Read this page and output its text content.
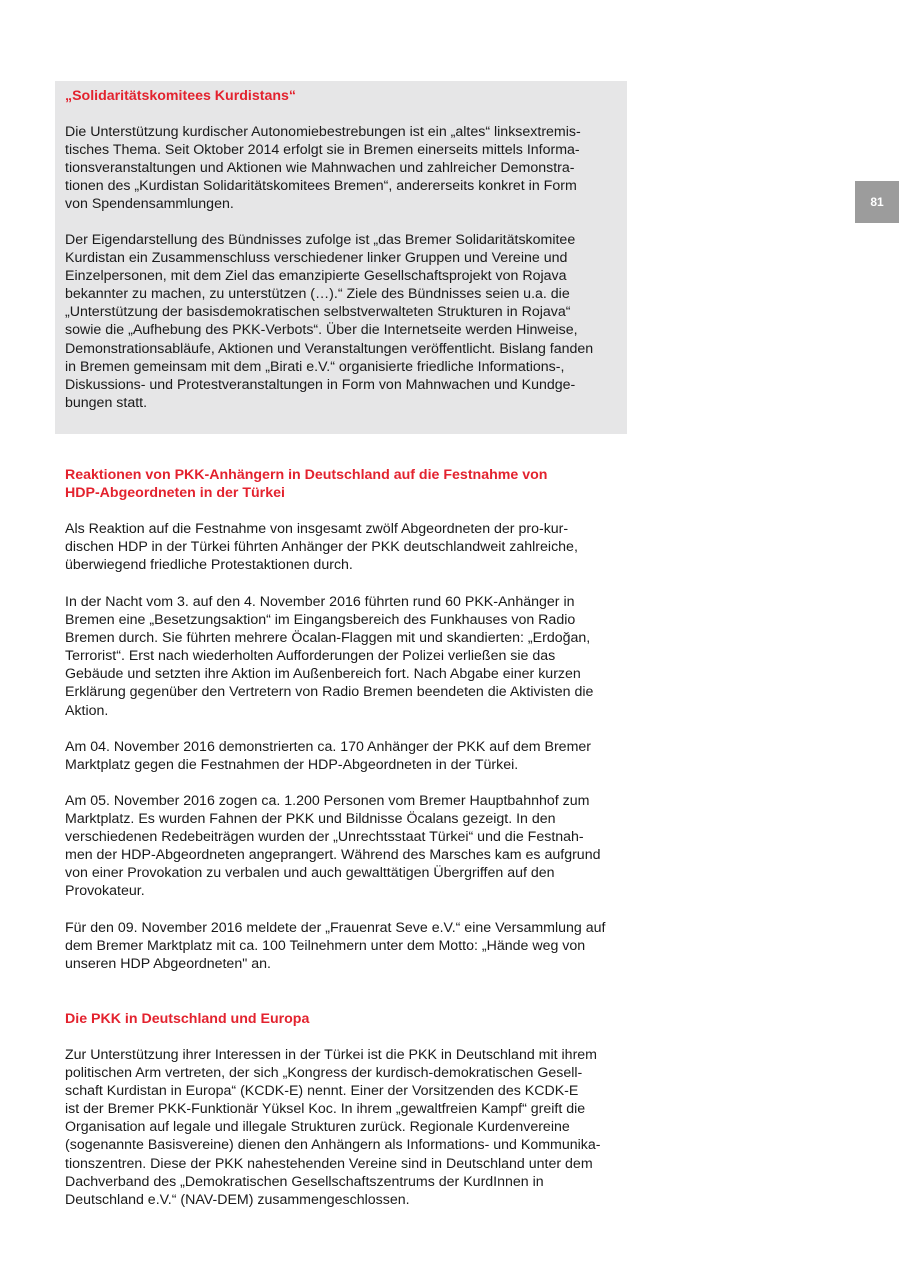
„Solidaritätskomitees Kurdistans“

Die Unterstützung kurdischer Autonomiebestrebungen ist ein „altes“ linksextremis-
tisches Thema. Seit Oktober 2014 erfolgt sie in Bremen einerseits mittels Informa-
tionsveranstaltungen und Aktionen wie Mahnwachen und zahlreicher Demonstra-
tionen des „Kurdistan Solidaritätskomitees Bremen“, andererseits konkret in Form
von Spendensammlungen.

Der Eigendarstellung des Bündnisses zufolge ist „das Bremer Solidaritätskomitee
Kurdistan ein Zusammenschluss verschiedener linker Gruppen und Vereine und
Einzelpersonen, mit dem Ziel das emanzipierte Gesellschaftsprojekt von Rojava
bekannter zu machen, zu unterstützen (…).“ Ziele des Bündnisses seien u.a. die
„Unterstützung der basisdemokratischen selbstverwalteten Strukturen in Rojava“
sowie die „Aufhebung des PKK-Verbots“. Über die Internetseite werden Hinweise,
Demonstrationsabläufe, Aktionen und Veranstaltungen veröffentlicht. Bislang fanden
in Bremen gemeinsam mit dem „Birati e.V.“ organisierte friedliche Informations-,
Diskussions- und Protestveranstaltungen in Form von Mahnwachen und Kundge-
bungen statt.

81

Reaktionen von PKK-Anhängern in Deutschland auf die Festnahme von
HDP-Abgeordneten in der Türkei

Als Reaktion auf die Festnahme von insgesamt zwölf Abgeordneten der pro-kur-
dischen HDP in der Türkei führten Anhänger der PKK deutschlandweit zahlreiche,
überwiegend friedliche Protestaktionen durch.

In der Nacht vom 3. auf den 4. November 2016 führten rund 60 PKK-Anhänger in
Bremen eine „Besetzungsaktion“ im Eingangsbereich des Funkhauses von Radio
Bremen durch. Sie führten mehrere Öcalan-Flaggen mit und skandierten: „Erdoğan,
Terrorist“. Erst nach wiederholten Aufforderungen der Polizei verließen sie das
Gebäude und setzten ihre Aktion im Außenbereich fort. Nach Abgabe einer kurzen
Erklärung gegenüber den Vertretern von Radio Bremen beendeten die Aktivisten die
Aktion.

Am 04. November 2016 demonstrierten ca. 170 Anhänger der PKK auf dem Bremer
Marktplatz gegen die Festnahmen der HDP-Abgeordneten in der Türkei.

Am 05. November 2016 zogen ca. 1.200 Personen vom Bremer Hauptbahnhof zum
Marktplatz. Es wurden Fahnen der PKK und Bildnisse Öcalans gezeigt. In den
verschiedenen Redebeiträgen wurden der „Unrechtsstaat Türkei“ und die Festnah-
men der HDP-Abgeordneten angeprangert. Während des Marsches kam es aufgrund
von einer Provokation zu verbalen und auch gewalttätigen Übergriffen auf den
Provokateur.

Für den 09. November 2016 meldete der „Frauenrat Seve e.V.“ eine Versammlung auf
dem Bremer Marktplatz mit ca. 100 Teilnehmern unter dem Motto: „Hände weg von
unseren HDP Abgeordneten" an.

Die PKK in Deutschland und Europa

Zur Unterstützung ihrer Interessen in der Türkei ist die PKK in Deutschland mit ihrem
politischen Arm vertreten, der sich „Kongress der kurdisch-demokratischen Gesell-
schaft Kurdistan in Europa“ (KCDK-E) nennt. Einer der Vorsitzenden des KCDK-E
ist der Bremer PKK-Funktionär Yüksel Koc. In ihrem „gewaltfreien Kampf“ greift die
Organisation auf legale und illegale Strukturen zurück. Regionale Kurdenvereine
(sogenannte Basisvereine) dienen den Anhängern als Informations- und Kommunika-
tionszentren. Diese der PKK nahestehenden Vereine sind in Deutschland unter dem
Dachverband des „Demokratischen Gesellschaftszentrums der KurdInnen in
Deutschland e.V.“ (NAV-DEM) zusammengeschlossen.
